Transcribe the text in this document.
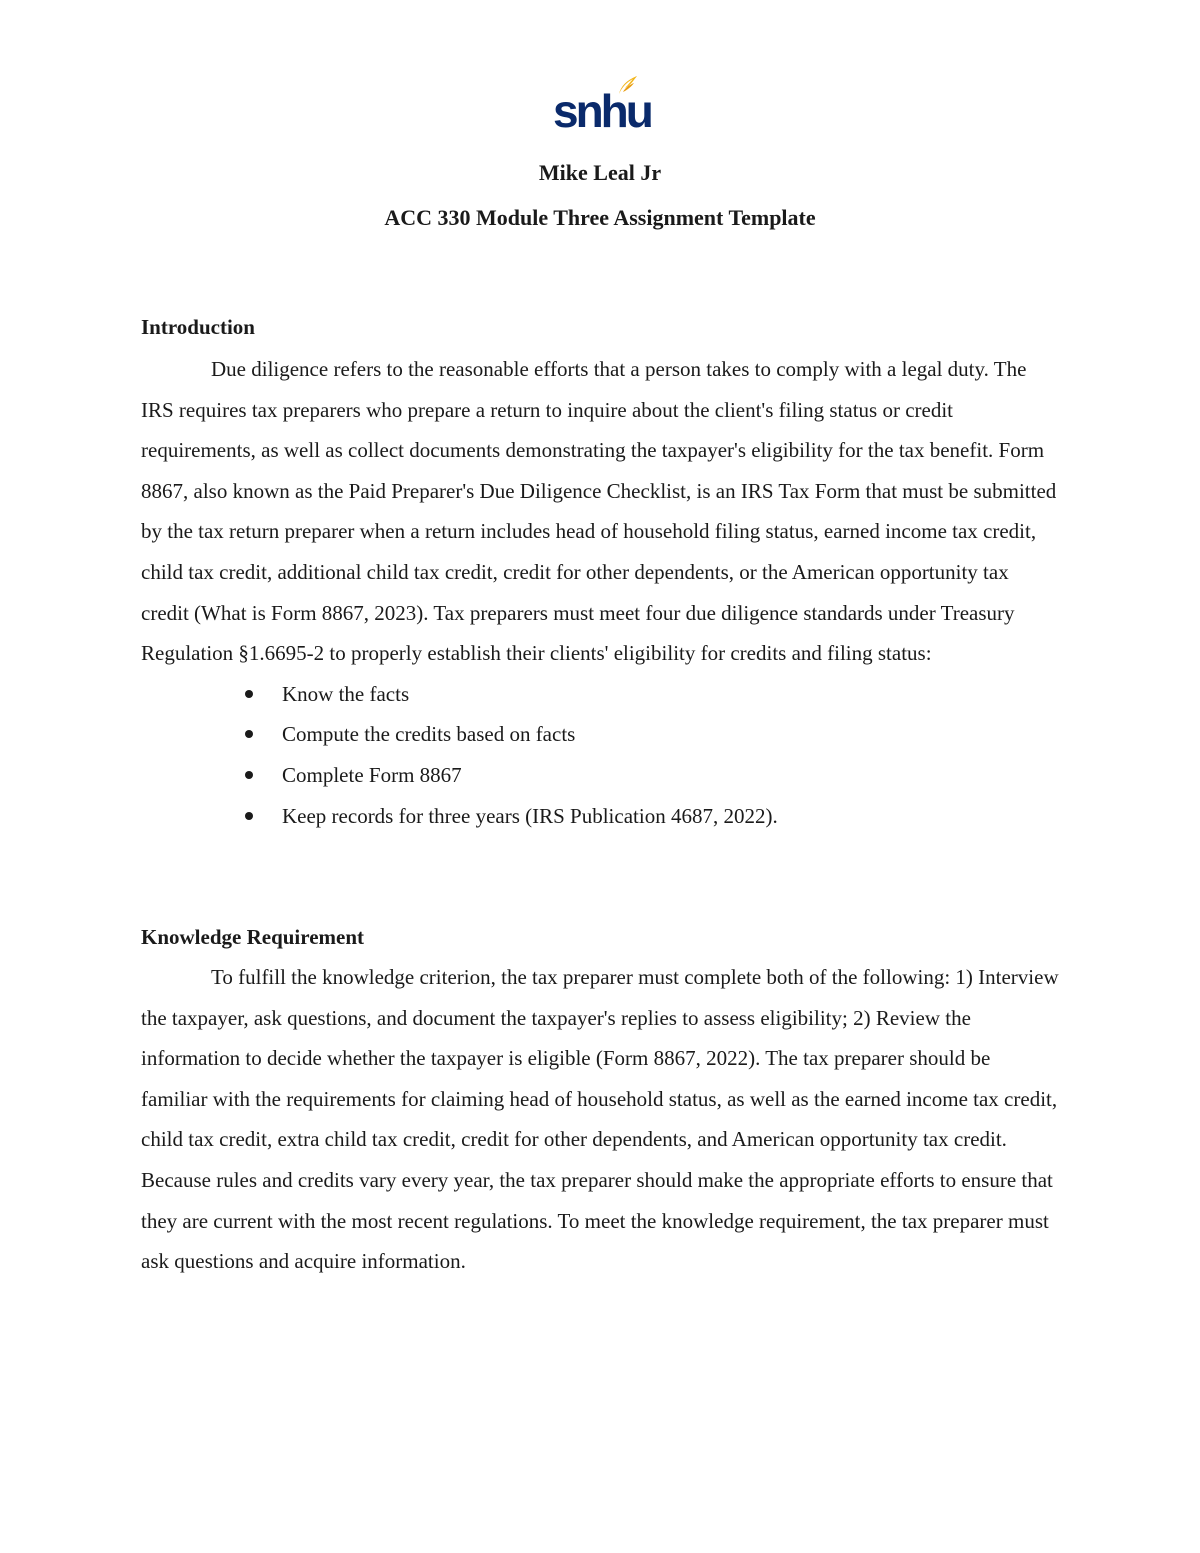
snhu
Mike Leal Jr
ACC 330 Module Three Assignment Template

Introduction

Due diligence refers to the reasonable efforts that a person takes to comply with a legal duty. The IRS requires tax preparers who prepare a return to inquire about the client's filing status or credit requirements, as well as collect documents demonstrating the taxpayer's eligibility for the tax benefit. Form 8867, also known as the Paid Preparer's Due Diligence Checklist, is an IRS Tax Form that must be submitted by the tax return preparer when a return includes head of household filing status, earned income tax credit, child tax credit, additional child tax credit, credit for other dependents, or the American opportunity tax credit (What is Form 8867, 2023). Tax preparers must meet four due diligence standards under Treasury Regulation §1.6695-2 to properly establish their clients' eligibility for credits and filing status:

Know the facts
Compute the credits based on facts
Complete Form 8867
Keep records for three years (IRS Publication 4687, 2022).

Knowledge Requirement

To fulfill the knowledge criterion, the tax preparer must complete both of the following: 1) Interview the taxpayer, ask questions, and document the taxpayer's replies to assess eligibility; 2) Review the information to decide whether the taxpayer is eligible (Form 8867, 2022). The tax preparer should be familiar with the requirements for claiming head of household status, as well as the earned income tax credit, child tax credit, extra child tax credit, credit for other dependents, and American opportunity tax credit. Because rules and credits vary every year, the tax preparer should make the appropriate efforts to ensure that they are current with the most recent regulations. To meet the knowledge requirement, the tax preparer must ask questions and acquire information.
